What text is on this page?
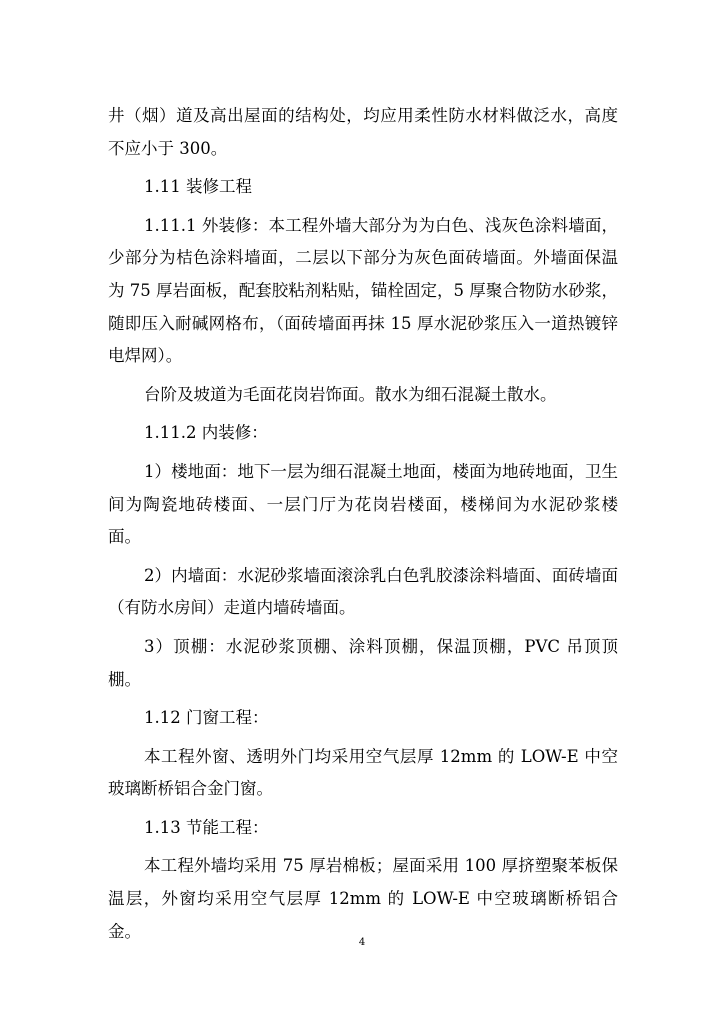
井（烟）道及高出屋面的结构处，均应用柔性防水材料做泛水，高度不应小于 300。

1.11 装修工程

1.11.1 外装修：本工程外墙大部分为为白色、浅灰色涂料墙面，少部分为桔色涂料墙面，二层以下部分为灰色面砖墙面。外墙面保温为 75 厚岩面板，配套胶粘剂粘贴，锚栓固定，5 厚聚合物防水砂浆，随即压入耐碱网格布，（面砖墙面再抹 15 厚水泥砂浆压入一道热镀锌电焊网）。

台阶及坡道为毛面花岗岩饰面。散水为细石混凝土散水。

1.11.2 内装修：

1）楼地面：地下一层为细石混凝土地面，楼面为地砖地面，卫生间为陶瓷地砖楼面、一层门厅为花岗岩楼面，楼梯间为水泥砂浆楼面。

2）内墙面：水泥砂浆墙面滚涂乳白色乳胶漆涂料墙面、面砖墙面（有防水房间）走道内墙砖墙面。

3）顶棚：水泥砂浆顶棚、涂料顶棚，保温顶棚，PVC 吊顶顶棚。

1.12 门窗工程：

本工程外窗、透明外门均采用空气层厚 12mm 的 LOW-E 中空玻璃断桥铝合金门窗。

1.13 节能工程：

本工程外墙均采用 75 厚岩棉板；屋面采用 100 厚挤塑聚苯板保温层，外窗均采用空气层厚 12mm 的 LOW-E 中空玻璃断桥铝合金。

4
